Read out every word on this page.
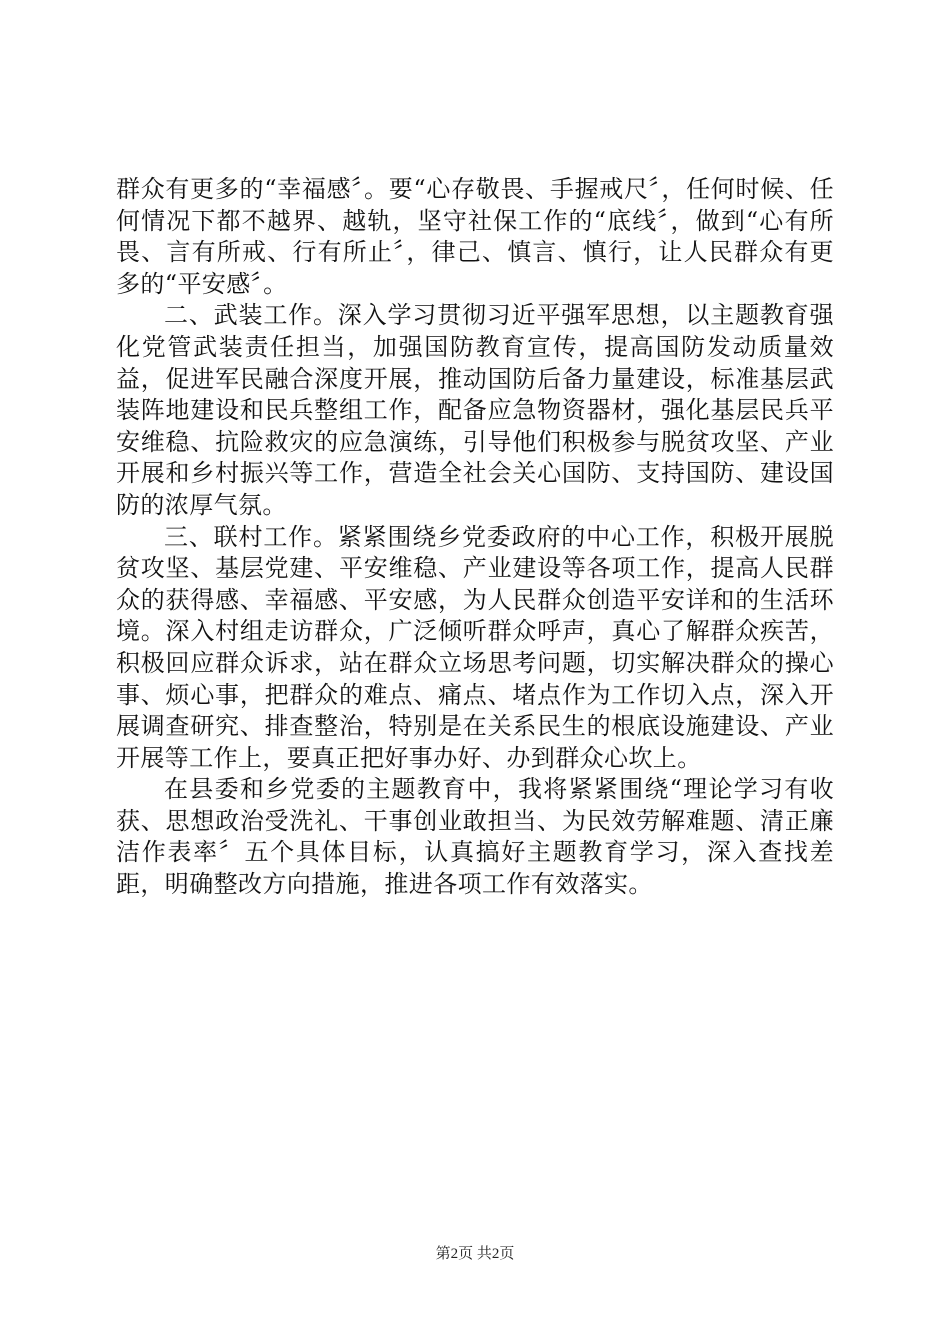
群众有更多的“幸福感〞。要“心存敬畏、手握戒尺〞，任何时候、任何情况下都不越界、越轨，坚守社保工作的“底线〞，做到“心有所畏、言有所戒、行有所止〞，律己、慎言、慎行，让人民群众有更多的“平安感〞。

二、武装工作。深入学习贯彻习近平强军思想，以主题教育强化党管武装责任担当，加强国防教育宣传，提高国防发动质量效益，促进军民融合深度开展，推动国防后备力量建设，标准基层武装阵地建设和民兵整组工作，配备应急物资器材，强化基层民兵平安维稳、抗险救灾的应急演练，引导他们积极参与脱贫攻坚、产业开展和乡村振兴等工作，营造全社会关心国防、支持国防、建设国防的浓厚气氛。

三、联村工作。紧紧围绕乡党委政府的中心工作，积极开展脱贫攻坚、基层党建、平安维稳、产业建设等各项工作，提高人民群众的获得感、幸福感、平安感，为人民群众创造平安详和的生活环境。深入村组走访群众，广泛倾听群众呼声，真心了解群众疾苦，积极回应群众诉求，站在群众立场思考问题，切实解决群众的操心事、烦心事，把群众的难点、痛点、堵点作为工作切入点，深入开展调查研究、排查整治，特别是在关系民生的根底设施建设、产业开展等工作上，要真正把好事办好、办到群众心坎上。

在县委和乡党委的主题教育中，我将紧紧围绕“理论学习有收获、思想政治受洗礼、干事创业敢担当、为民效劳解难题、清正廉洁作表率〞五个具体目标，认真搞好主题教育学习，深入查找差距，明确整改方向措施，推进各项工作有效落实。

第2页 共2页
